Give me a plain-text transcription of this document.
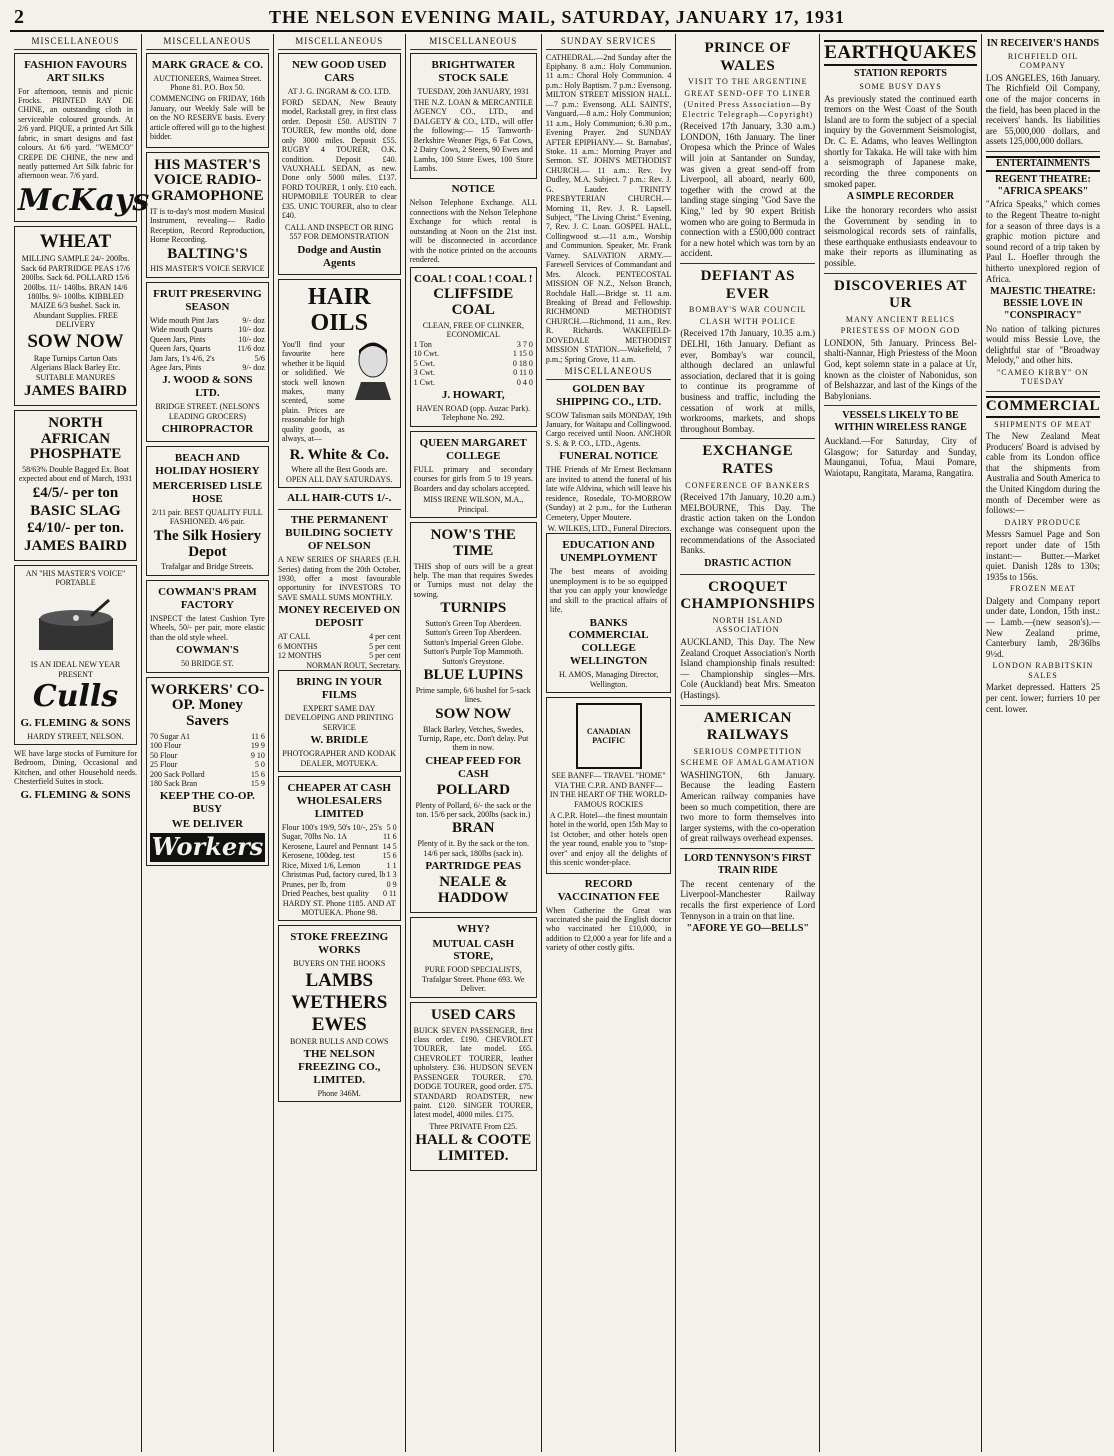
2	THE NELSON EVENING MAIL, SATURDAY, JANUARY 17, 1931
MISCELLANEOUS
FASHION FAVOURS ART SILKS
For afternoon, tennis and picnic Frocks. PRINTED RAY DE CHINE, an outstanding cloth in serviceable coloured grounds. At 2/6 yard. PIQUE, a printed Art Silk fabric, in smart designs and fast colours. At 6/6 yard. "WEMCO" CREPE DE CHINE, the new and neatly patterned Art Silk fabric for afternoon wear. 7/6 yard.
McKays
WHEAT
MILLING SAMPLE 24/- 200lbs. Sack 6d PARTRIDGE PEAS 17/6 200lbs. Sack 6d. POLLARD 15/6 200lbs. 11/- 140lbs. BRAN 14/6 180lbs. 9/- 100lbs. KIBBLED MAIZE 6/3 bushel. Sack in. Abundant Supplies. FREE DELIVERY
SOW NOW
Rape Turnips Carton Oats Algerians Black Barley Etc. SUITABLE MANURES
JAMES BAIRD
NORTH AFRICAN PHOSPHATE
58/63% Double Bagged Ex. Boat expected about end of March, 1931
£4/5/- per ton
BASIC SLAG
£4/10/- per ton.
JAMES BAIRD
AN "HIS MASTER'S VOICE" PORTABLE
IS AN IDEAL NEW YEAR PRESENT
Culls
G. FLEMING & SONS
HARDY STREET, NELSON.
WE have large stocks of Furniture for Bedroom, Dining, Occasional and Kitchen, and other Household needs. Chesterfield Suites in stock.
G. FLEMING & SONS
MISCELLANEOUS
MARK GRACE & CO.
AUCTIONEERS, Waimea Street. Phone 81. P.O. Box 50.
COMMENCING on FRIDAY, 16th January, our Weekly Sale will be on the NO RESERVE basis. Every article offered will go to the highest bidder.
HIS MASTER'S VOICE RADIO-GRAMOPHONE
IT is to-day's most modern Musical Instrument, revealing— Radio Reception, Record Reproduction, Home Recording.
BALTING'S
HIS MASTER'S VOICE SERVICE
FRUIT PRESERVING SEASON
Wide mouth Pint Jars	9/- doz
Wide mouth Quarts	10/- doz
Queen Jars, Pints	10/- doz
Queen Jars, Quarts	11/6 doz
Jam Jars, 1's 4/6, 2's	5/6
Agee Jars, Pints	9/- doz
J. WOOD & SONS LTD.
BRIDGE STREET. (NELSON'S LEADING GROCERS)
CHIROPRACTOR
BEACH AND HOLIDAY HOSIERY
MERCERISED LISLE HOSE
2/11 pair. BEST QUALITY FULL FASHIONED. 4/6 pair.
The Silk Hosiery Depot
Trafalgar and Bridge Streets.
COWMAN'S PRAM FACTORY
INSPECT the latest Cushion Tyre Wheels, 50/- per pair, more elastic than the old style wheel.
COWMAN'S
50 BRIDGE ST.
WORKERS' CO-OP. Money Savers
70 Sugar A1	11 6
100 Flour	19 9
50 Flour	9 10
25 Flour	5 0
200 Sack Pollard	15 6
180 Sack Bran	15 9
KEEP THE CO-OP. BUSY
WE DELIVER
Workers
MISCELLANEOUS
NEW GOOD USED CARS
AT J. G. INGRAM & CO. LTD.
FORD SEDAN, New Beauty model, Rackstall grey, in first class order. Deposit £50. AUSTIN 7 TOURER, few months old, done only 3000 miles. Deposit £55. RUGBY 4 TOURER, O.K. condition. Deposit £40. VAUXHALL SEDAN, as new. Done only 5000 miles. £137. FORD TOURER, 1 only. £10 each. HUPMOBILE TOURER to clear £35. UNIC TOURER, also to clear £40.
CALL AND INSPECT OR RING 557 FOR DEMONSTRATION
Dodge and Austin Agents
HAIR OILS
You'll find your favourite here whether it be liquid or solidified. We stock well known makes, many scented, some plain. Prices are reasonable for high quality goods, as always, at—
R. White & Co.
Where all the Best Goods are. OPEN ALL DAY SATURDAYS.
ALL HAIR-CUTS 1/-.
THE PERMANENT BUILDING SOCIETY OF NELSON
A NEW SERIES OF SHARES (E.H. Series) dating from the 20th October, 1930, offer a most favourable opportunity for INVESTORS TO SAVE SMALL SUMS MONTHLY.
MONEY RECEIVED ON DEPOSIT
AT CALL	4 per cent
6 MONTHS	5 per cent
12 MONTHS	5 per cent
NORMAN ROUT, Secretary.
BRING IN YOUR FILMS
EXPERT SAME DAY DEVELOPING AND PRINTING SERVICE
W. BRIDLE
PHOTOGRAPHER AND KODAK DEALER, MOTUEKA.
CHEAPER AT CASH WHOLESALERS LIMITED
Flour 100's 19/9, 50's 10/-, 25's 5 0
Sugar, 70lbs No. 1A	11 6
Kerosene, Laurel and Pennant 14 5
Kerosene, 100deg. test	15 6
Rice, Mixed 1/6, Lemon	1 1
Christmas Pud, factory cured, lb 1 3
Prunes, per lb, from	0 9
Dried Peaches, best quality 0 11
HARDY ST. Phone 1185. AND AT MOTUEKA. Phone 98.
STOKE FREEZING WORKS
BUYERS ON THE HOOKS
LAMBS
WETHERS
EWES
BONER BULLS AND COWS
THE NELSON FREEZING CO., LIMITED.
Phone 346M.
MISCELLANEOUS
BRIGHTWATER STOCK SALE
TUESDAY, 20th JANUARY, 1931
THE N.Z. LOAN & MERCANTILE AGENCY CO., LTD., and DALGETY & CO., LTD., will offer the following:— 15 Tamworth-Berkshire Weaner Pigs, 6 Fat Cows, 2 Dairy Cows, 2 Steers, 90 Ewes and Lambs, 100 Store Ewes, 100 Store Lambs.
NOTICE
Nelson Telephone Exchange. ALL connections with the Nelson Telephone Exchange for which rental is outstanding at Noon on the 21st inst. will be disconnected in accordance with the notice printed on the accounts rendered.
COAL ! COAL ! COAL !
CLIFFSIDE COAL
CLEAN, FREE OF CLINKER, ECONOMICAL
1 Ton	3 7 0
10 Cwt.	1 15 0
5 Cwt.	0 18 0
3 Cwt.	0 11 0
1 Cwt.	0 4 0
J. HOWART,
HAVEN ROAD (opp. Auzac Park). Telephone No. 292.
QUEEN MARGARET COLLEGE
FULL primary and secondary courses for girls from 5 to 19 years. Boarders and day scholars accepted.
MISS IRENE WILSON, M.A., Principal.
NOW'S THE TIME
THIS shop of ours will be a great help. The man that requires Swedes or Turnips must not delay the sowing.
TURNIPS
Sutton's Green Top Aberdeen. Sutton's Green Top Aberdeen. Sutton's Imperial Green Globe. Sutton's Purple Top Mammoth. Sutton's Greystone.
BLUE LUPINS
Prime sample, 6/6 bushel for 5-sack lines.
SOW NOW
Black Barley, Vetches, Swedes, Turnip, Rape, etc. Don't delay. Put them in now.
CHEAP FEED FOR CASH
POLLARD
Plenty of Pollard, 6/- the sack or the ton. 15/6 per sack, 200lbs (sack in.)
BRAN
Plenty of it. By the sack or the ton. 14/6 per sack, 180lbs (sack in).
PARTRIDGE PEAS
NEALE & HADDOW
WHY?
MUTUAL CASH STORE,
PURE FOOD SPECIALISTS, Trafalgar Street. Phone 693. We Deliver.
USED CARS
BUICK SEVEN PASSENGER, first class order. £190. CHEVROLET TOURER, late model. £65. CHEVROLET TOURER, leather upholstery. £36. HUDSON SEVEN PASSENGER TOURER. £70. DODGE TOURER, good order. £75. STANDARD ROADSTER, new paint. £120. SINGER TOURER, latest model, 4000 miles. £175.
Three PRIVATE From £25.
HALL & COOTE LIMITED.
SUNDAY SERVICES
CATHEDRAL.—2nd Sunday after the Epiphany. 8 a.m.: Holy Communion. 11 a.m.: Choral Holy Communion. 4 p.m.: Holy Baptism. 7 p.m.: Evensong. MILTON STREET MISSION HALL.—7 p.m.: Evensong. ALL SAINTS', Vanguard.—8 a.m.: Holy Communion; 11 a.m., Holy Communion; 6.30 p.m., Evening Prayer. 2nd SUNDAY AFTER EPIPHANY.— St. Barnabas', Stoke. 11 a.m.: Morning Prayer and Sermon. ST. JOHN'S METHODIST CHURCH.— 11 a.m.: Rev. Ivy Dudley, M.A. Subject. 7 p.m.: Rev. J. G. Lauder. TRINITY PRESBYTERIAN CHURCH.—Morning 11, Rev. J. R. Lapsell. Subject, "The Living Christ." Evening, 7, Rev. J. C. Loan. GOSPEL HALL, Collingwood st.—11 a.m., Worship and Communion. Speaker, Mr. Frank Varney. SALVATION ARMY.—Farewell Services of Commandant and Mrs. Alcock. PENTECOSTAL MISSION OF N.Z., Nelson Branch, Rochdale Hall.—Bridge st. 11 a.m. Breaking of Bread and Fellowship. RICHMOND METHODIST CHURCH.—Richmond, 11 a.m., Rev. R. Richards. WAKEFIELD-DOVEDALE METHODIST MISSION STATION.—Wakefield, 7 p.m.; Spring Grove, 11 a.m.
MISCELLANEOUS
GOLDEN BAY SHIPPING CO., LTD.
SCOW Talisman sails MONDAY, 19th January, for Waitapu and Collingwood. Cargo received until Noon. ANCHOR S. S. & P. CO., LTD., Agents.
FUNERAL NOTICE
THE Friends of Mr Ernest Beckmann are invited to attend the funeral of his late wife Aldvina, which will leave his residence, Rosedale, TO-MORROW (Sunday) at 2 p.m., for the Lutheran Cemetery, Upper Moutere.
W. WILKES, LTD., Funeral Directors.
EDUCATION AND UNEMPLOYMENT
The best means of avoiding unemployment is to be so equipped that you can apply your knowledge and skill to the practical affairs of life.
BANKS COMMERCIAL COLLEGE WELLINGTON
H. AMOS, Managing Director, Wellington.
CANADIAN PACIFIC
SEE BANFF— TRAVEL "HOME" VIA THE C.P.R. AND BANFF— IN THE HEART OF THE WORLD-FAMOUS ROCKIES
A C.P.R. Hotel—the finest mountain hotel in the world, open 15th May to 1st October, and other hotels open the year round, enable you to "stop-over" and enjoy all the delights of this scenic wonder-place.
RECORD VACCINATION FEE
When Catherine the Great was vaccinated she paid the English doctor who vaccinated her £10,000, in addition to £2,000 a year for life and a variety of other costly gifts.
PRINCE OF WALES
VISIT TO THE ARGENTINE
GREAT SEND-OFF TO LINER
(United Press Association—By Electric Telegraph—Copyright)
(Received 17th January, 3.30 a.m.) LONDON, 16th January. The liner Oropesa which the Prince of Wales will join at Santander on Sunday, was given a great send-off from Liverpool, all aboard, nearly 600, together with the crowd at the landing stage singing "God Save the King," led by 90 expert British women who are going to Bermuda in connection with a £500,000 contract for a new hotel which was torn by an accident.
DEFIANT AS EVER
BOMBAY'S WAR COUNCIL
CLASH WITH POLICE
(Received 17th January, 10.35 a.m.) DELHI, 16th January. Defiant as ever, Bombay's war council, although declared an unlawful association, declared that it is going to continue its programme of business and traffic, including the cessation of work at mills, workrooms, markets, and shops throughout Bombay.
EXCHANGE RATES
CONFERENCE OF BANKERS
(Received 17th January, 10.20 a.m.) MELBOURNE, This Day. The drastic action taken on the London exchange was consequent upon the recommendations of the Associated Banks.
DRASTIC ACTION
CROQUET CHAMPIONSHIPS
NORTH ISLAND ASSOCIATION
AUCKLAND, This Day. The New Zealand Croquet Association's North Island championship finals resulted:— Championship singles—Mrs. Cole (Auckland) beat Mrs. Smeaton (Hastings).
AMERICAN RAILWAYS
SERIOUS COMPETITION
SCHEME OF AMALGAMATION
WASHINGTON, 6th January. Because the leading Eastern American railway companies have been so much competition, there are two more to form themselves into larger systems, with the co-operation of great railways overhead expenses.
LORD TENNYSON'S FIRST TRAIN RIDE
The recent centenary of the Liverpool-Manchester Railway recalls the first experience of Lord Tennyson in a train on that line.
"AFORE YE GO—BELLS"
EARTHQUAKES
STATION REPORTS
SOME BUSY DAYS
As previously stated the continued earth tremors on the West Coast of the South Island are to form the subject of a special inquiry by the Government Seismologist, Dr. C. E. Adams, who leaves Wellington shortly for Takaka. He will take with him a seismograph of Japanese make, recording the three components on smoked paper.
A SIMPLE RECORDER
Like the honorary recorders who assist the Government by sending in to seismological records sets of rainfalls, these earthquake enthusiasts endeavour to make their reports as illuminating as possible.
DISCOVERIES AT UR
MANY ANCIENT RELICS
PRIESTESS OF MOON GOD
LONDON, 5th January. Princess Bel-shalti-Nannar, High Priestess of the Moon God, kept solemn state in a palace at Ur, known as the cloister of Nabonidus, son of Belshazzar, and last of the Kings of the Babylonians.
VESSELS LIKELY TO BE WITHIN WIRELESS RANGE
Auckland.—For Saturday, City of Glasgow; for Saturday and Sunday, Maunganui, Tofua, Maui Pomare, Waiotapu, Rangitata, Marama, Rangatira.
IN RECEIVER'S HANDS
RICHFIELD OIL COMPANY
LOS ANGELES, 16th January. The Richfield Oil Company, one of the major concerns in the field, has been placed in the receivers' hands. Its liabilities are 55,000,000 dollars, and assets 125,000,000 dollars.
ENTERTAINMENTS
REGENT THEATRE: "AFRICA SPEAKS"
"Africa Speaks," which comes to the Regent Theatre to-night for a season of three days is a graphic motion picture and sound record of a trip taken by Paul L. Hoefler through the hitherto unexplored region of Africa.
MAJESTIC THEATRE: BESSIE LOVE IN "CONSPIRACY"
No nation of talking pictures would miss Bessie Love, the delightful star of "Broadway Melody," and other hits.
"CAMEO KIRBY" ON TUESDAY
COMMERCIAL
SHIPMENTS OF MEAT
The New Zealand Meat Producers' Board is advised by cable from its London office that the shipments from Australia and South America to the United Kingdom during the month of December were as follows:—
DAIRY PRODUCE
Messrs Samuel Page and Son report under date of 15th instant:— Butter.—Market quiet. Danish 128s to 130s; 1935s to 156s.
FROZEN MEAT
Dalgety and Company report under date, London, 15th inst.:— Lamb.—(new season's).—New Zealand prime, Canterbury lamb, 28/36lbs 9½d.
LONDON RABBITSKIN SALES
Market depressed. Hatters 25 per cent. lower; furriers 10 per cent. lower.
